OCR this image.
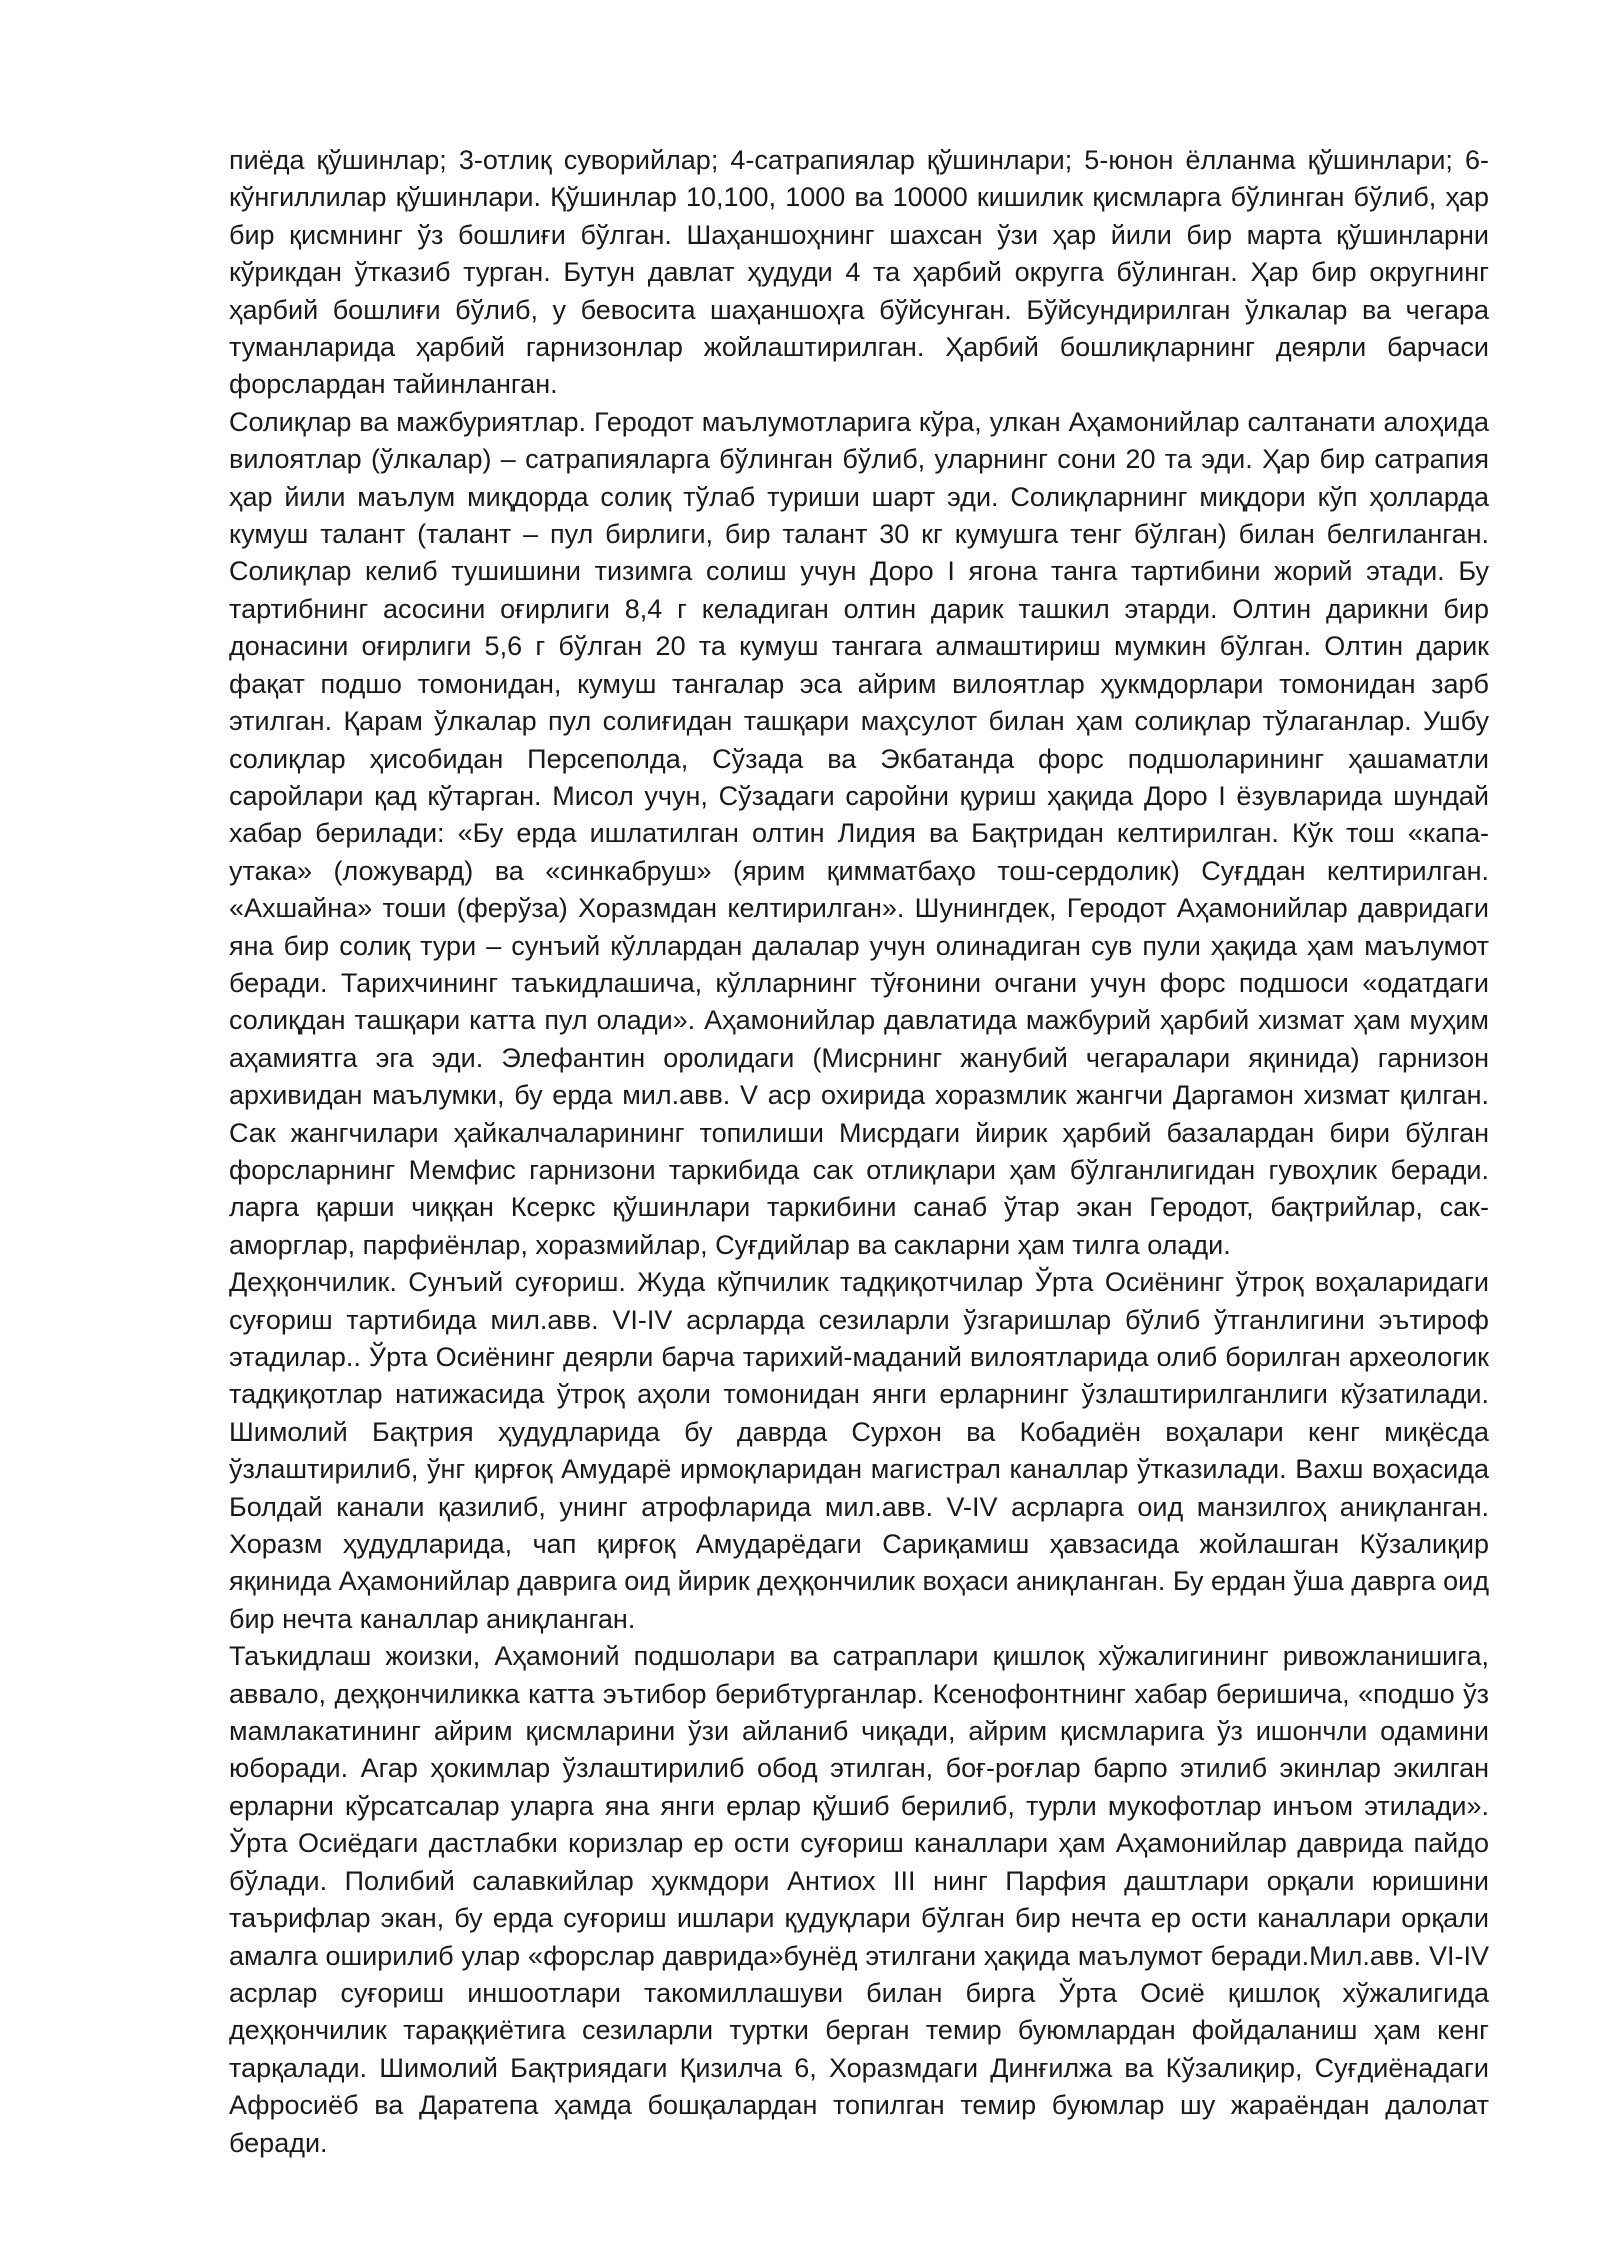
пиёда қўшинлар; 3-отлиқ суворийлар; 4-сатрапиялар қўшинлари; 5-юнон ёлланма қўшинлари; 6-кўнгиллилар қўшинлари. Қўшинлар 10,100, 1000 ва 10000 кишилик қисмларга бўлинган бўлиб, ҳар бир қисмнинг ўз бошлиғи бўлган. Шаҳаншоҳнинг шахсан ўзи ҳар йили бир марта қўшинларни кўрикдан ўтказиб турган. Бутун давлат ҳудуди 4 та ҳарбий округга бўлинган. Ҳар бир округнинг ҳарбий бошлиғи бўлиб, у бевосита шаҳаншоҳга бўйсунган. Бўйсундирилган ўлкалар ва чегара туманларида ҳарбий гарнизонлар жойлаштирилган. Ҳарбий бошлиқларнинг деярли барчаси форслардан тайинланган.

Солиқлар ва мажбуриятлар. Геродот маълумотларига кўра, улкан Аҳамонийлар салтанати алоҳида вилоятлар (ўлкалар) – сатрапияларга бўлинган бўлиб, уларнинг сони 20 та эди. Ҳар бир сатрапия ҳар йили маълум миқдорда солиқ тўлаб туриши шарт эди. Солиқларнинг миқдори кўп ҳолларда кумуш талант (талант – пул бирлиги, бир талант 30 кг кумушга тенг бўлган) билан белгиланган. Солиқлар келиб тушишини тизимга солиш учун Доро I ягона танга тартибини жорий этади. Бу тартибнинг асосини оғирлиги 8,4 г келадиган олтин дарик ташкил этарди. Олтин дарикни бир донасини оғирлиги 5,6 г бўлган 20 та кумуш тангага алмаштириш мумкин бўлган. Олтин дарик фақат подшо томонидан, кумуш тангалар эса айрим вилоятлар ҳукмдорлари томонидан зарб этилган. Қарам ўлкалар пул солиғидан ташқари маҳсулот билан ҳам солиқлар тўлаганлар. Ушбу солиқлар ҳисобидан Персеполда, Сўзада ва Экбатанда форс подшоларининг ҳашаматли саройлари қад кўтарган. Мисол учун, Сўзадаги саройни қуриш ҳақида Доро I ёзувларида шундай хабар берилади: «Бу ерда ишлатилган олтин Лидия ва Бақтридан келтирилган. Кўк тош «капа-утака» (ложувард) ва «синкабруш» (ярим қимматбаҳо тош-сердолик) Суғддан келтирилган. «Ахшайна» тоши (ферўза) Хоразмдан келтирилган». Шунингдек, Геродот Аҳамонийлар давридаги яна бир солиқ тури – сунъий кўллардан далалар учун олинадиган сув пули ҳақида ҳам маълумот беради. Тарихчининг таъкидлашича, кўлларнинг тўғонини очгани учун форс подшоси «одатдаги солиқдан ташқари катта пул олади». Аҳамонийлар давлатида мажбурий ҳарбий хизмат ҳам муҳим аҳамиятга эга эди. Элефантин оролидаги (Мисрнинг жанубий чегаралари яқинида) гарнизон архивидан маълумки, бу ерда мил.авв. V аср охирида хоразмлик жангчи Даргамон хизмат қилган. Сак жангчилари ҳайкалчаларининг топилиши Мисрдаги йирик ҳарбий базалардан бири бўлган форсларнинг Мемфис гарнизони таркибида сак отлиқлари ҳам бўлганлигидан гувоҳлик беради. ларга қарши чиққан Ксеркс қўшинлари таркибини санаб ўтар экан Геродот, бақтрийлар, сак-аморглар, парфиёнлар, хоразмийлар, Суғдийлар ва сакларни ҳам тилга олади.

Деҳқончилик. Сунъий суғориш. Жуда кўпчилик тадқиқотчилар Ўрта Осиёнинг ўтроқ воҳаларидаги суғориш тартибида мил.авв. VI-IV асрларда сезиларли ўзгаришлар бўлиб ўтганлигини эътироф этадилар.. Ўрта Осиёнинг деярли барча тарихий-маданий вилоятларида олиб борилган археологик тадқиқотлар натижасида ўтроқ аҳоли томонидан янги ерларнинг ўзлаштирилганлиги кўзатилади. Шимолий Бақтрия ҳудудларида бу даврда Сурхон ва Кобадиён воҳалари кенг миқёсда ўзлаштирилиб, ўнг қирғоқ Амударё ирмоқларидан магистрал каналлар ўтказилади. Вахш воҳасида Болдай канали қазилиб, унинг атрофларида мил.авв. V-IV асрларга оид манзилгоҳ аниқланган. Хоразм ҳудудларида, чап қирғоқ Амударёдаги Сариқамиш ҳавзасида жойлашган Кўзалиқир яқинида Аҳамонийлар даврига оид йирик деҳқончилик воҳаси аниқланган. Бу ердан ўша даврга оид бир нечта каналлар аниқланган.

Таъкидлаш жоизки, Аҳамоний подшолари ва сатраплари қишлоқ хўжалигининг ривожланишига, аввало, деҳқончиликка катта эътибор берибтурганлар. Ксенофонтнинг хабар беришича, «подшо ўз мамлакатининг айрим қисмларини ўзи айланиб чиқади, айрим қисмларига ўз ишончли одамини юборади. Агар ҳокимлар ўзлаштирилиб обод этилган, боғ-роғлар барпо этилиб экинлар экилган ерларни кўрсатсалар уларга яна янги ерлар қўшиб берилиб, турли мукофотлар инъом этилади». Ўрта Осиёдаги дастлабки коризлар ер ости суғориш каналлари ҳам Аҳамонийлар даврида пайдо бўлади. Полибий салавкийлар ҳукмдори Антиох III нинг Парфия даштлари орқали юришини таърифлар экан, бу ерда суғориш ишлари қудуқлари бўлган бир нечта ер ости каналлари орқали амалга оширилиб улар «форслар даврида»бунёд этилгани ҳақида маълумот беради.Мил.авв. VI-IV асрлар суғориш иншоотлари такомиллашуви билан бирга Ўрта Осиё қишлоқ хўжалигида деҳқончилик тараққиётига сезиларли туртки берган темир буюмлардан фойдаланиш ҳам кенг тарқалади. Шимолий Бақтриядаги Қизилча 6, Хоразмдаги Динғилжа ва Кўзалиқир, Суғдиёнадаги Афросиёб ва Даратепа ҳамда бошқалардан топилган темир буюмлар шу жараёндан далолат беради.
